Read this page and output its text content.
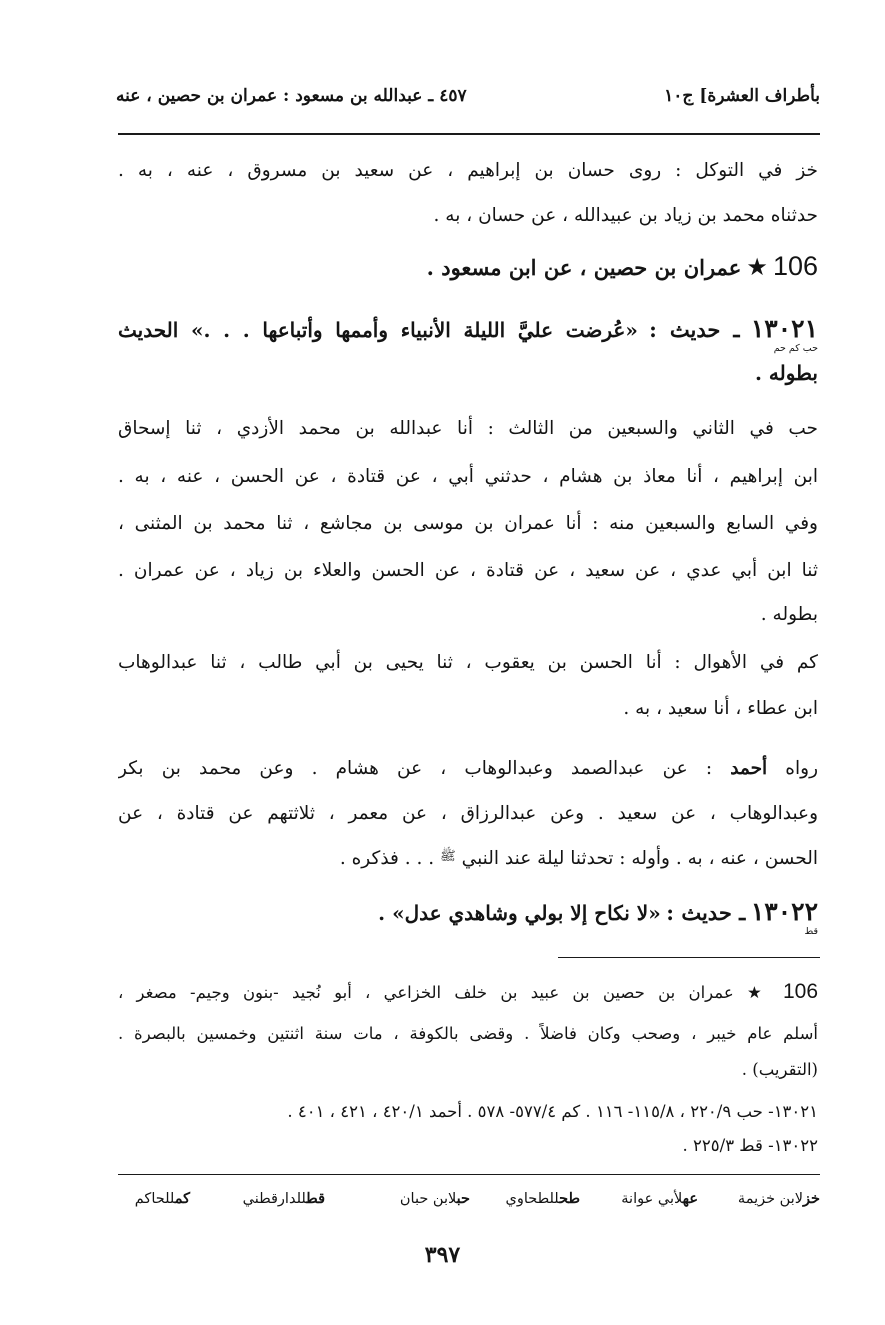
بأطراف العشرة] ج١٠
٤٥٧ ـ عبدالله بن مسعود : عمران بن حصين ، عنه
خز في التوكل : روى حسان بن إبراهيم ، عن سعيد بن مسروق ، عنه ، به .
حدثناه محمد بن زياد بن عبيدالله ، عن حسان ، به .
106 ★ عمران بن حصين ، عن ابن مسعود .
١٣٠٢١ ـ حديث : «عُرضت عليَّ الليلة الأنبياء وأممها وأتباعها . . .» الحديث
حب كم حم
بطوله .
حب في الثاني والسبعين من الثالث : أنا عبدالله بن محمد الأزدي ، ثنا إسحاق
ابن إبراهيم ، أنا معاذ بن هشام ، حدثني أبي ، عن قتادة ، عن الحسن ، عنه ، به .
وفي السابع والسبعين منه : أنا عمران بن موسى بن مجاشع ، ثنا محمد بن المثنى ،
ثنا ابن أبي عدي ، عن سعيد ، عن قتادة ، عن الحسن والعلاء بن زياد ، عن عمران .
بطوله .
كم في الأهوال : أنا الحسن بن يعقوب ، ثنا يحيى بن أبي طالب ، ثنا عبدالوهاب
ابن عطاء ، أنا سعيد ، به .
رواه أحمد : عن عبدالصمد وعبدالوهاب ، عن هشام . وعن محمد بن بكر
وعبدالوهاب ، عن سعيد . وعن عبدالرزاق ، عن معمر ، ثلاثتهم عن قتادة ، عن
الحسن ، عنه ، به . وأوله : تحدثنا ليلة عند النبي $^ﷺ$ . . . فذكره .
١٣٠٢٢ ـ حديث : «لا نكاح إلا بولي وشاهدي عدل» .
قط
106 ★ عمران بن حصين بن عبيد بن خلف الخزاعي ، أبو نُجيد -بنون وجيم- مصغر ،
أسلم عام خيبر ، وصحب وكان فاضلاً . وقضى بالكوفة ، مات سنة اثنتين وخمسين بالبصرة .
(التقريب) .
١٣٠٢١- حب ٢٢٠/٩ ، ١١٥/٨- ١١٦ . كم ٥٧٧/٤- ٥٧٨ . أحمد ٤٢٠/١ ، ٤٢١ ، ٤٠١ .
١٣٠٢٢- قط ٢٢٥/٣ .
خزلابن خزيمة
عهلأبي عوانة
طحللطحاوي
حبلابن حبان
قطللدارقطني
كمللحاكم
٣٩٧
